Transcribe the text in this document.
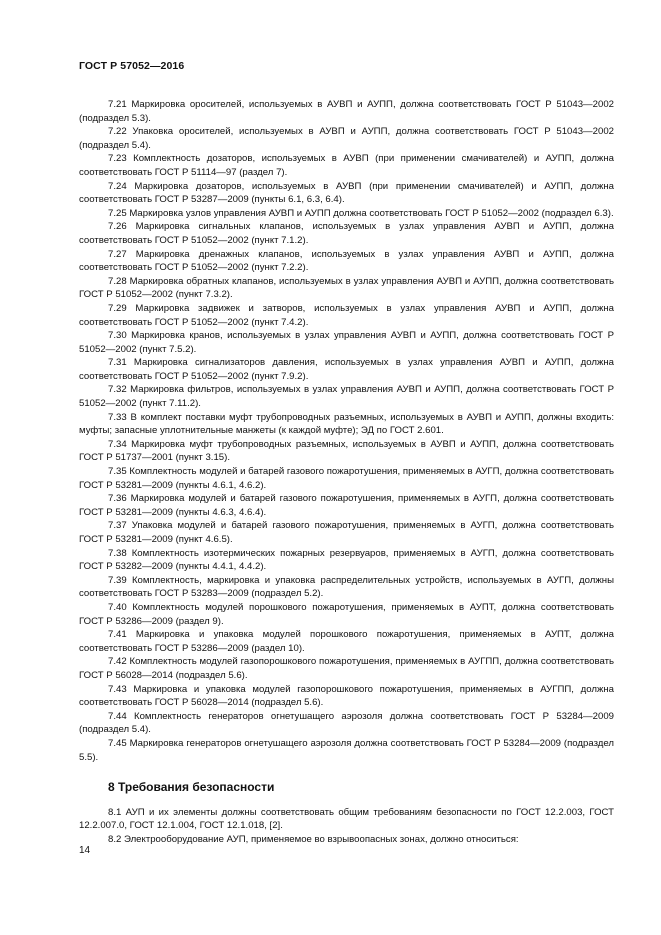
ГОСТ Р 57052—2016

7.21 Маркировка оросителей, используемых в АУВП и АУПП, должна соответствовать ГОСТ Р 51043—2002 (подраздел 5.3).

7.22 Упаковка оросителей, используемых в АУВП и АУПП, должна соответствовать ГОСТ Р 51043—2002 (подраздел 5.4).

7.23 Комплектность дозаторов, используемых в АУВП (при применении смачивателей) и АУПП, должна соответствовать ГОСТ Р 51114—97 (раздел 7).

7.24 Маркировка дозаторов, используемых в АУВП (при применении смачивателей) и АУПП, должна соответствовать ГОСТ Р 53287—2009 (пункты 6.1, 6.3, 6.4).

7.25 Маркировка узлов управления АУВП и АУПП должна соответствовать ГОСТ Р 51052—2002 (подраздел 6.3).

7.26 Маркировка сигнальных клапанов, используемых в узлах управления АУВП и АУПП, должна соответствовать ГОСТ Р 51052—2002 (пункт 7.1.2).

7.27 Маркировка дренажных клапанов, используемых в узлах управления АУВП и АУПП, должна соответствовать ГОСТ Р 51052—2002 (пункт 7.2.2).

7.28 Маркировка обратных клапанов, используемых в узлах управления АУВП и АУПП, должна соответствовать ГОСТ Р 51052—2002 (пункт 7.3.2).

7.29 Маркировка задвижек и затворов, используемых в узлах управления АУВП и АУПП, должна соответствовать ГОСТ Р 51052—2002 (пункт 7.4.2).

7.30 Маркировка кранов, используемых в узлах управления АУВП и АУПП, должна соответствовать ГОСТ Р 51052—2002 (пункт 7.5.2).

7.31 Маркировка сигнализаторов давления, используемых в узлах управления АУВП и АУПП, должна соответствовать ГОСТ Р 51052—2002 (пункт 7.9.2).

7.32 Маркировка фильтров, используемых в узлах управления АУВП и АУПП, должна соответствовать ГОСТ Р 51052—2002 (пункт 7.11.2).

7.33 В комплект поставки муфт трубопроводных разъемных, используемых в АУВП и АУПП, должны входить: муфты; запасные уплотнительные манжеты (к каждой муфте); ЭД по ГОСТ 2.601.

7.34 Маркировка муфт трубопроводных разъемных, используемых в АУВП и АУПП, должна соответствовать ГОСТ Р 51737—2001 (пункт 3.15).

7.35 Комплектность модулей и батарей газового пожаротушения, применяемых в АУГП, должна соответствовать ГОСТ Р 53281—2009 (пункты 4.6.1, 4.6.2).

7.36 Маркировка модулей и батарей газового пожаротушения, применяемых в АУГП, должна соответствовать ГОСТ Р 53281—2009 (пункты 4.6.3, 4.6.4).

7.37 Упаковка модулей и батарей газового пожаротушения, применяемых в АУГП, должна соответствовать ГОСТ Р 53281—2009 (пункт 4.6.5).

7.38 Комплектность изотермических пожарных резервуаров, применяемых в АУГП, должна соответствовать ГОСТ Р 53282—2009 (пункты 4.4.1, 4.4.2).

7.39 Комплектность, маркировка и упаковка распределительных устройств, используемых в АУГП, должны соответствовать ГОСТ Р 53283—2009 (подраздел 5.2).

7.40 Комплектность модулей порошкового пожаротушения, применяемых в АУПТ, должна соответствовать ГОСТ Р 53286—2009 (раздел 9).

7.41 Маркировка и упаковка модулей порошкового пожаротушения, применяемых в АУПТ, должна соответствовать ГОСТ Р 53286—2009 (раздел 10).

7.42 Комплектность модулей газопорошкового пожаротушения, применяемых в АУГПП, должна соответствовать ГОСТ Р 56028—2014 (подраздел 5.6).

7.43 Маркировка и упаковка модулей газопорошкового пожаротушения, применяемых в АУГПП, должна соответствовать ГОСТ Р 56028—2014 (подраздел 5.6).

7.44 Комплектность генераторов огнетушащего аэрозоля должна соответствовать ГОСТ Р 53284—2009 (подраздел 5.4).

7.45 Маркировка генераторов огнетушащего аэрозоля должна соответствовать ГОСТ Р 53284—2009 (подраздел 5.5).

8 Требования безопасности

8.1 АУП и их элементы должны соответствовать общим требованиям безопасности по ГОСТ 12.2.003, ГОСТ 12.2.007.0, ГОСТ 12.1.004, ГОСТ 12.1.018, [2].

8.2 Электрооборудование АУП, применяемое во взрывоопасных зонах, должно относиться:

14
